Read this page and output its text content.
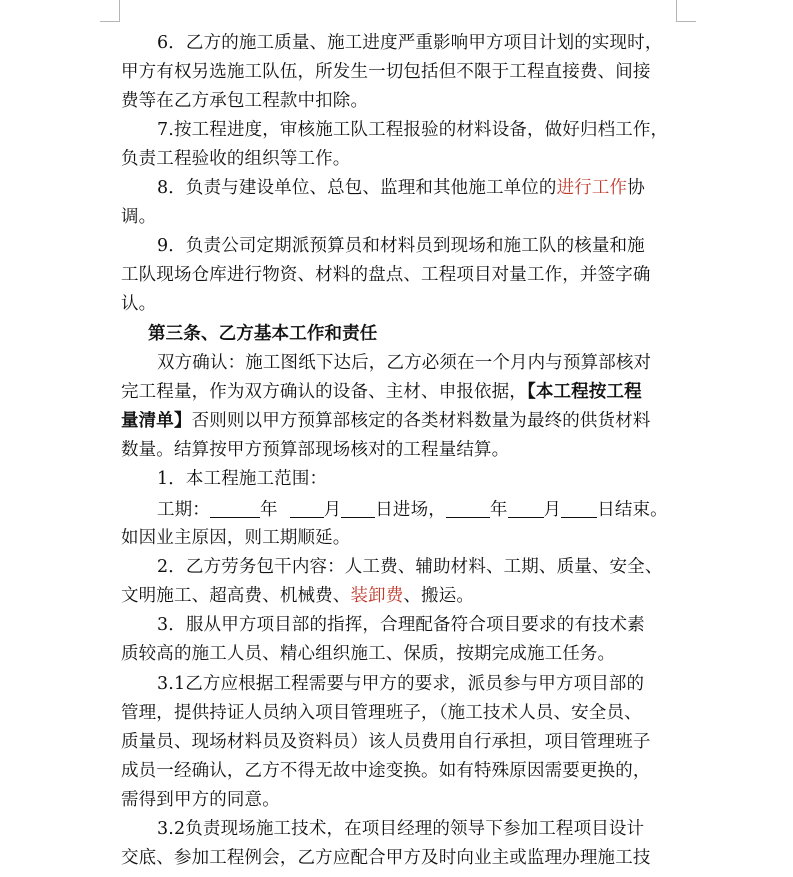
6．乙方的施工质量、施工进度严重影响甲方项目计划的实现时，
甲方有权另选施工队伍，所发生一切包括但不限于工程直接费、间接
费等在乙方承包工程款中扣除。
7.按工程进度，审核施工队工程报验的材料设备，做好归档工作，
负责工程验收的组织等工作。
8．负责与建设单位、总包、监理和其他施工单位的进行工作协
调。
9．负责公司定期派预算员和材料员到现场和施工队的核量和施
工队现场仓库进行物资、材料的盘点、工程项目对量工作，并签字确
认。
第三条、乙方基本工作和责任
双方确认：施工图纸下达后，乙方必须在一个月内与预算部核对
完工程量，作为双方确认的设备、主材、申报依据，【本工程按工程
量清单】否则则以甲方预算部核定的各类材料数量为最终的供货材料
数量。结算按甲方预算部现场核对的工程量结算。
1．本工程施工范围：
工期：	年	月 日进场，	年 月 日结束。
如因业主原因，则工期顺延。
2．乙方劳务包干内容：人工费、辅助材料、工期、质量、安全、
文明施工、超高费、机械费、装卸费、搬运。
3．服从甲方项目部的指挥，合理配备符合项目要求的有技术素
质较高的施工人员、精心组织施工、保质，按期完成施工任务。
3.1乙方应根据工程需要与甲方的要求，派员参与甲方项目部的
管理，提供持证人员纳入项目管理班子，（施工技术人员、安全员、
质量员、现场材料员及资料员）该人员费用自行承担，项目管理班子
成员一经确认，乙方不得无故中途变换。如有特殊原因需要更换的，
需得到甲方的同意。
3.2负责现场施工技术，在项目经理的领导下参加工程项目设计
交底、参加工程例会，乙方应配合甲方及时向业主或监理办理施工技
